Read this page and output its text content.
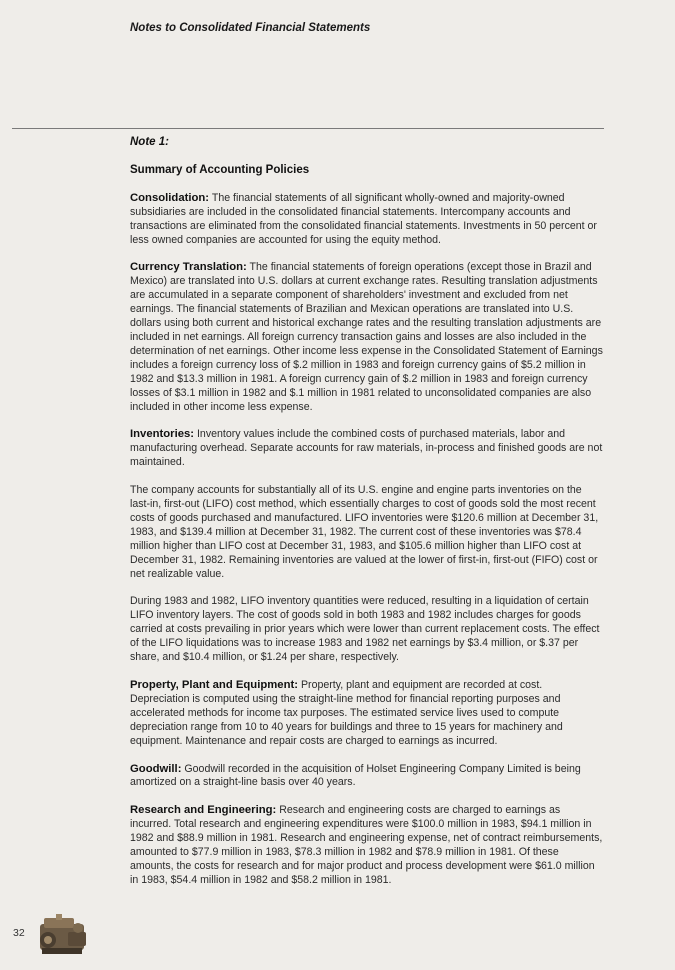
Notes to Consolidated Financial Statements
Note 1:
Summary of Accounting Policies

Consolidation: The financial statements of all significant wholly-owned and majority-owned subsidiaries are included in the consolidated financial statements. Intercompany accounts and transactions are eliminated from the consolidated financial statements. Investments in 50 percent or less owned companies are accounted for using the equity method.

Currency Translation: The financial statements of foreign operations (except those in Brazil and Mexico) are translated into U.S. dollars at current exchange rates. Resulting translation adjustments are accumulated in a separate component of shareholders' investment and excluded from net earnings. The financial statements of Brazilian and Mexican operations are translated into U.S. dollars using both current and historical exchange rates and the resulting translation adjustments are included in net earnings. All foreign currency transaction gains and losses are also included in the determination of net earnings. Other income less expense in the Consolidated Statement of Earnings includes a foreign currency loss of $.2 million in 1983 and foreign currency gains of $5.2 million in 1982 and $13.3 million in 1981. A foreign currency gain of $.2 million in 1983 and foreign currency losses of $3.1 million in 1982 and $.1 million in 1981 related to unconsolidated companies are also included in other income less expense.

Inventories: Inventory values include the combined costs of purchased materials, labor and manufacturing overhead. Separate accounts for raw materials, in-process and finished goods are not maintained.

The company accounts for substantially all of its U.S. engine and engine parts inventories on the last-in, first-out (LIFO) cost method, which essentially charges to cost of goods sold the most recent costs of goods purchased and manufactured. LIFO inventories were $120.6 million at December 31, 1983, and $139.4 million at December 31, 1982. The current cost of these inventories was $78.4 million higher than LIFO cost at December 31, 1983, and $105.6 million higher than LIFO cost at December 31, 1982. Remaining inventories are valued at the lower of first-in, first-out (FIFO) cost or net realizable value.

During 1983 and 1982, LIFO inventory quantities were reduced, resulting in a liquidation of certain LIFO inventory layers. The cost of goods sold in both 1983 and 1982 includes charges for goods carried at costs prevailing in prior years which were lower than current replacement costs. The effect of the LIFO liquidations was to increase 1983 and 1982 net earnings by $3.4 million, or $.37 per share, and $10.4 million, or $1.24 per share, respectively.

Property, Plant and Equipment: Property, plant and equipment are recorded at cost. Depreciation is computed using the straight-line method for financial reporting purposes and accelerated methods for income tax purposes. The estimated service lives used to compute depreciation range from 10 to 40 years for buildings and three to 15 years for machinery and equipment. Maintenance and repair costs are charged to earnings as incurred.

Goodwill: Goodwill recorded in the acquisition of Holset Engineering Company Limited is being amortized on a straight-line basis over 40 years.

Research and Engineering: Research and engineering costs are charged to earnings as incurred. Total research and engineering expenditures were $100.0 million in 1983, $94.1 million in 1982 and $88.9 million in 1981. Research and engineering expense, net of contract reimbursements, amounted to $77.9 million in 1983, $78.3 million in 1982 and $78.9 million in 1981. Of these amounts, the costs for research and for major product and process development were $61.0 million in 1983, $54.4 million in 1982 and $58.2 million in 1981.

32
